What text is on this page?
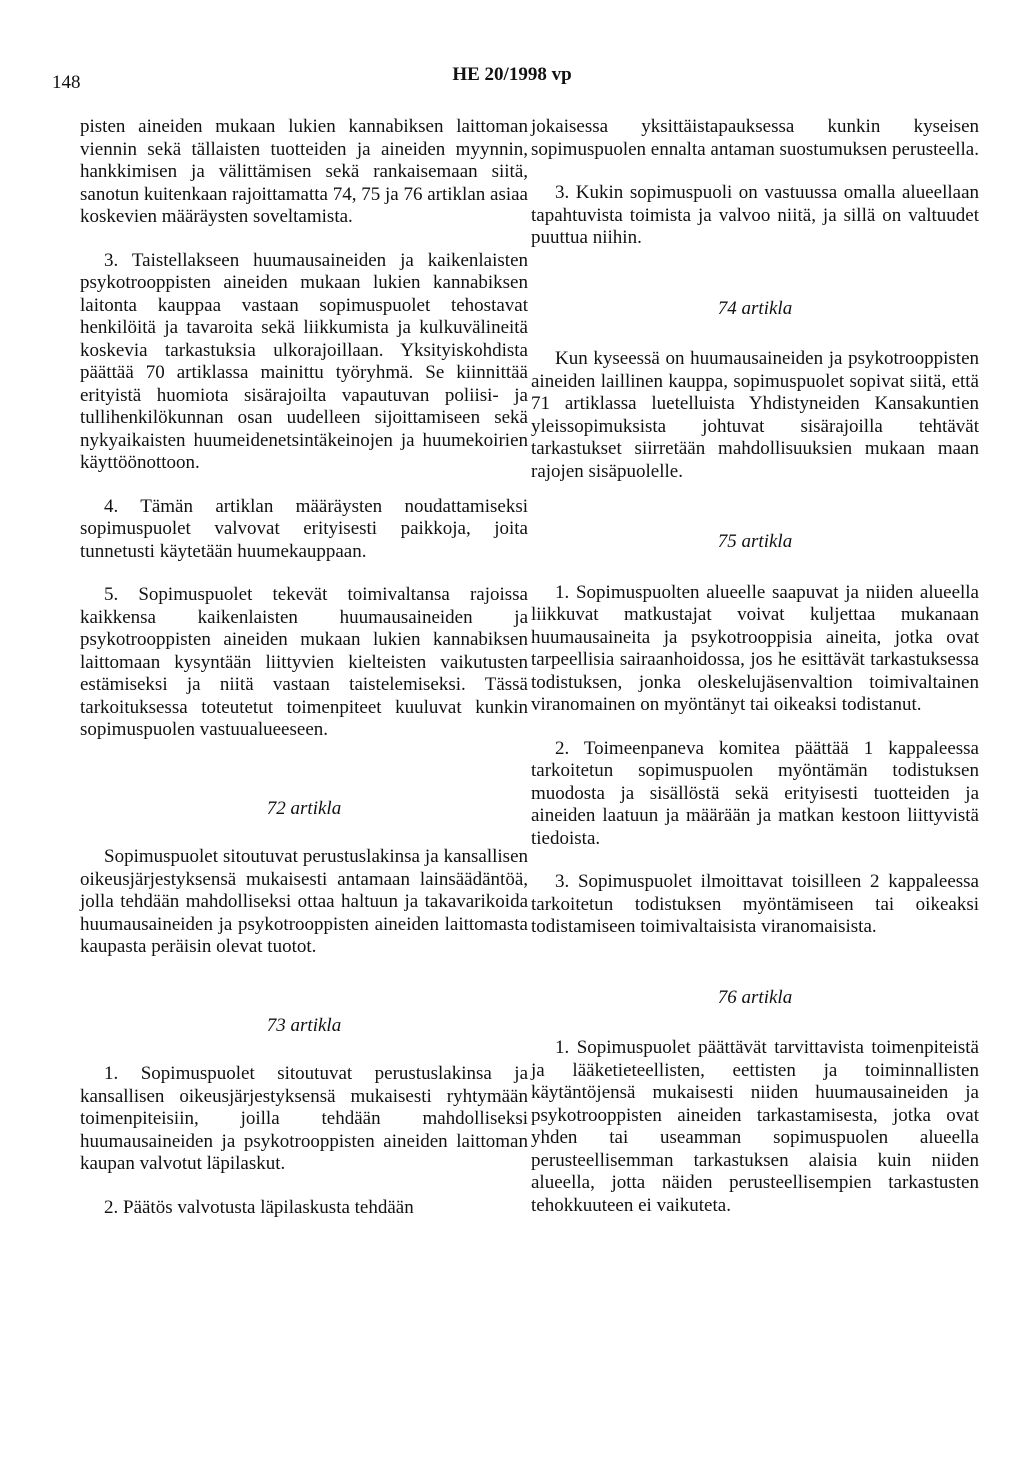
148	HE 20/1998 vp

pisten aineiden mukaan lukien kannabiksen laittoman viennin sekä tällaisten tuotteiden ja aineiden myynnin, hankkimisen ja välittämisen sekä rankaisemaan siitä, sanotun kuitenkaan rajoittamatta 74, 75 ja 76 artiklan asiaa koskevien määräysten soveltamista.

3. Taistellakseen huumausaineiden ja kaikenlaisten psykotrooppisten aineiden mukaan lukien kannabiksen laitonta kauppaa vastaan sopimuspuolet tehostavat henkilöitä ja tavaroita sekä liikkumista ja kulkuvälineitä koskevia tarkastuksia ulkorajoillaan. Yksityiskohdista päättää 70 artiklassa mainittu työryhmä. Se kiinnittää erityistä huomiota sisärajoilta vapautuvan poliisi- ja tullihenkilökunnan osan uudelleen sijoittamiseen sekä nykyaikaisten huumeidenetsintäkeinojen ja huumekoirien käyttöönottoon.

4. Tämän artiklan määräysten noudattamiseksi sopimuspuolet valvovat erityisesti paikkoja, joita tunnetusti käytetään huumekauppaan.

5. Sopimuspuolet tekevät toimivaltansa rajoissa kaikkensa kaikenlaisten huumausaineiden ja psykotrooppisten aineiden mukaan lukien kannabiksen laittomaan kysyntään liittyvien kielteisten vaikutusten estämiseksi ja niitä vastaan taistelemiseksi. Tässä tarkoituksessa toteutetut toimenpiteet kuuluvat kunkin sopimuspuolen vastuualueeseen.

72 artikla

Sopimuspuolet sitoutuvat perustuslakinsa ja kansallisen oikeusjärjestyksensä mukaisesti antamaan lainsäädäntöä, jolla tehdään mahdolliseksi ottaa haltuun ja takavarikoida huumausaineiden ja psykotrooppisten aineiden laittomasta kaupasta peräisin olevat tuotot.

73 artikla

1. Sopimuspuolet sitoutuvat perustuslakinsa ja kansallisen oikeusjärjestyksensä mukaisesti ryhtymään toimenpiteisiin, joilla tehdään mahdolliseksi huumausaineiden ja psykotrooppisten aineiden laittoman kaupan valvotut läpilaskut.

2. Päätös valvotusta läpilaskusta tehdään

jokaisessa yksittäistapauksessa kunkin kyseisen sopimuspuolen ennalta antaman suostumuksen perusteella.

3. Kukin sopimuspuoli on vastuussa omalla alueellaan tapahtuvista toimista ja valvoo niitä, ja sillä on valtuudet puuttua niihin.

74 artikla

Kun kyseessä on huumausaineiden ja psykotrooppisten aineiden laillinen kauppa, sopimuspuolet sopivat siitä, että 71 artiklassa luetelluista Yhdistyneiden Kansakuntien yleissopimuksista johtuvat sisärajoilla tehtävät tarkastukset siirretään mahdollisuuksien mukaan maan rajojen sisäpuolelle.

75 artikla

1. Sopimuspuolten alueelle saapuvat ja niiden alueella liikkuvat matkustajat voivat kuljettaa mukanaan huumausaineita ja psykotrooppisia aineita, jotka ovat tarpeellisia sairaanhoidossa, jos he esittävät tarkastuksessa todistuksen, jonka oleskelujäsenvaltion toimivaltainen viranomainen on myöntänyt tai oikeaksi todistanut.

2. Toimeenpaneva komitea päättää 1 kappaleessa tarkoitetun sopimuspuolen myöntämän todistuksen muodosta ja sisällöstä sekä erityisesti tuotteiden ja aineiden laatuun ja määrään ja matkan kestoon liittyvistä tiedoista.

3. Sopimuspuolet ilmoittavat toisilleen 2 kappaleessa tarkoitetun todistuksen myöntämiseen tai oikeaksi todistamiseen toimivaltaisista viranomaisista.

76 artikla

1. Sopimuspuolet päättävät tarvittavista toimenpiteistä ja lääketieteellisten, eettisten ja toiminnallisten käytäntöjensä mukaisesti niiden huumausaineiden ja psykotrooppisten aineiden tarkastamisesta, jotka ovat yhden tai useamman sopimuspuolen alueella perusteellisemman tarkastuksen alaisia kuin niiden alueella, jotta näiden perusteellisempien tarkastusten tehokkuuteen ei vaikuteta.
